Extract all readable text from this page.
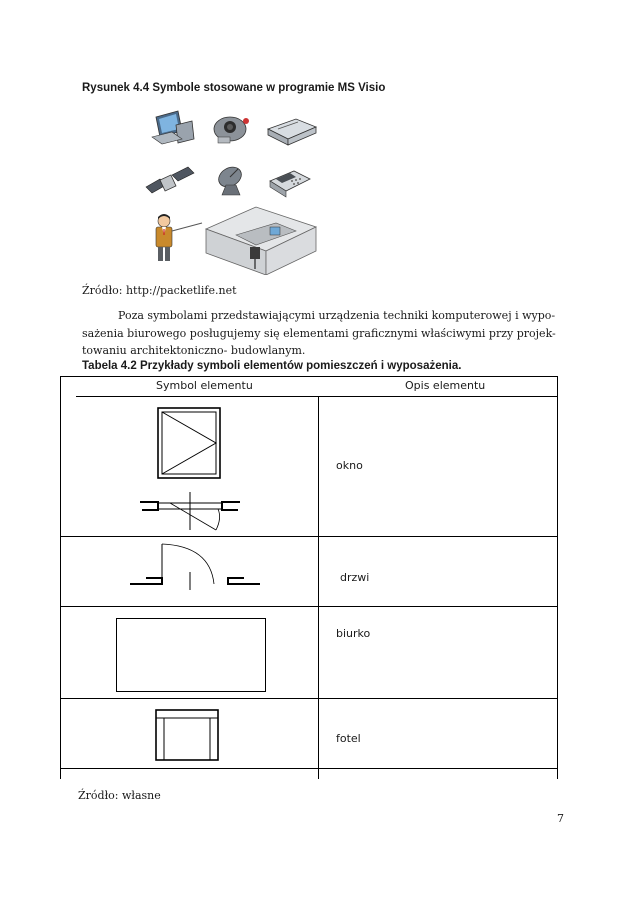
Rysunek 4.4 Symbole stosowane w programie MS Visio
Źródło: http://packetlife.net
Poza symbolami przedstawiającymi urządzenia techniki komputerowej i wypo-
sażenia biurowego posługujemy się elementami graficznymi właściwymi przy projek-
towaniu architektoniczno- budowlanym.
Tabela 4.2 Przykłady symboli elementów pomieszczeń i wyposażenia.
Symbol elementu	Opis elementu
okno
drzwi
biurko
fotel
Źródło: własne
7
